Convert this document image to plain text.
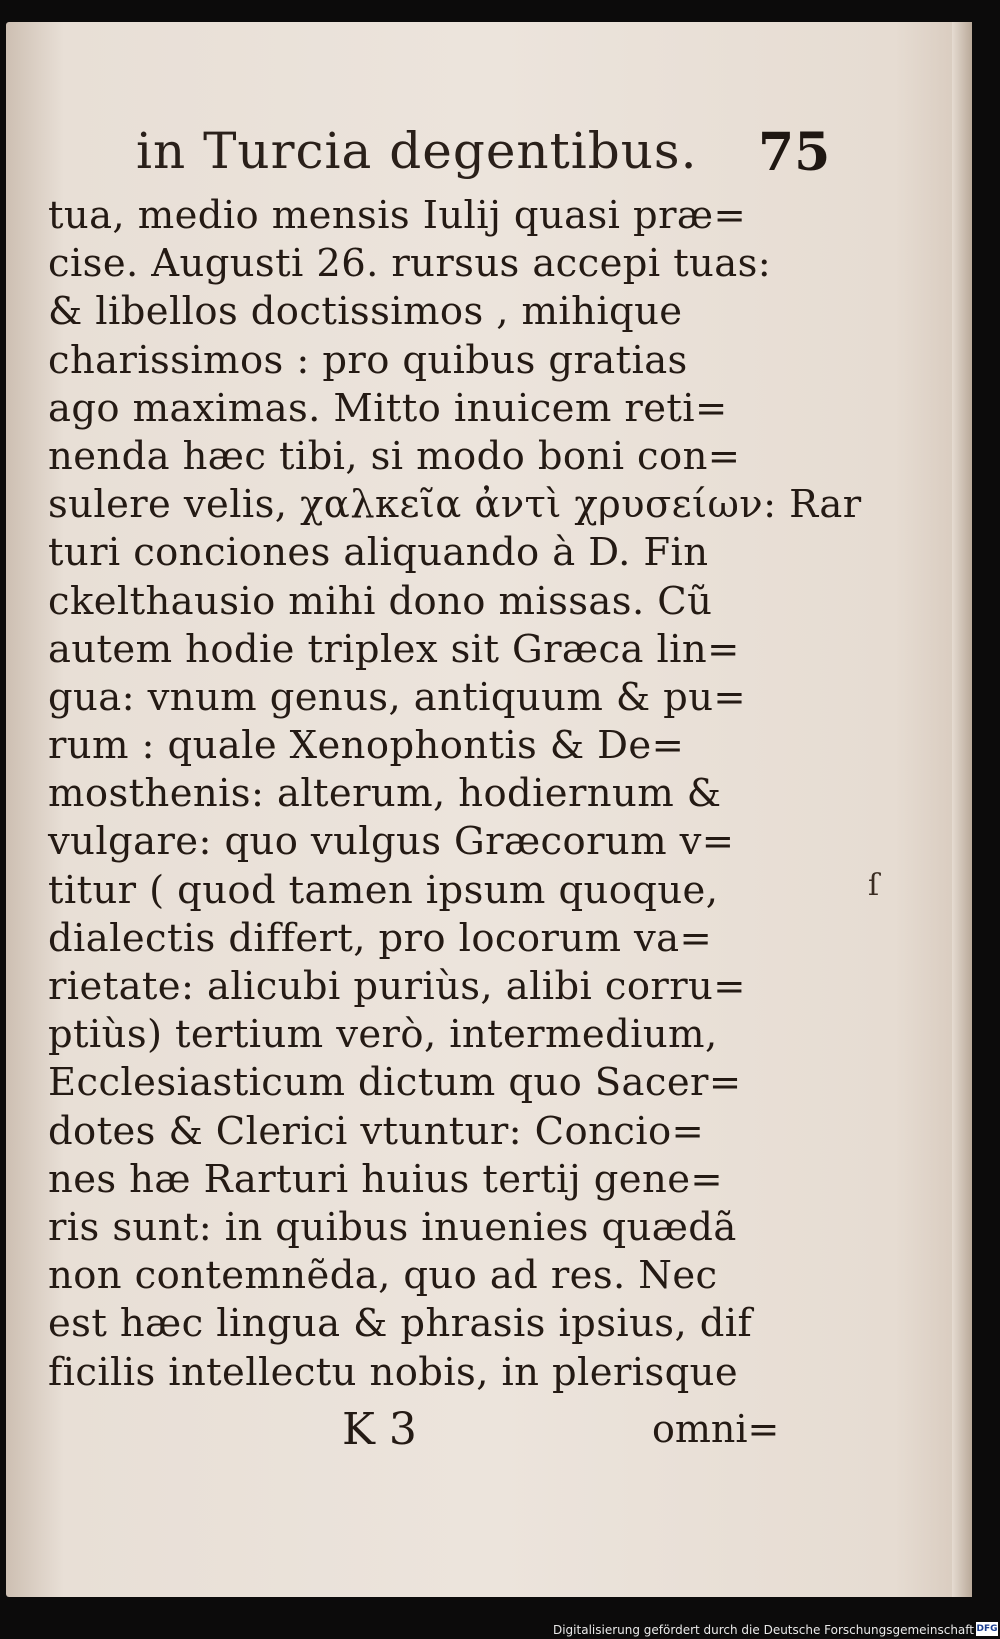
in Turcia degentibus. 75
tua, medio mensis Iulij quasi præ=
cise. Augusti 26. rursus accepi tuas:
& libellos doctissimos , mihique
charissimos : pro quibus gratias
ago maximas. Mitto inuicem reti=
nenda hæc tibi, si modo boni con=
sulere velis, χαλκεῖα ἀντὶ χρυσείων: Rar
turi conciones aliquando à D. Fin
ckelthausio mihi dono missas. Cũ
autem hodie triplex sit Græca lin=
gua: vnum genus, antiquum & pu=
rum : quale Xenophontis & De=
mosthenis: alterum, hodiernum &
vulgare: quo vulgus Græcorum v=
titur ( quod tamen ipsum quoque,
dialectis differt, pro locorum va=
rietate: alicubi puriùs, alibi corru=
ptiùs) tertium verò, intermedium,
Ecclesiasticum dictum quo Sacer=
dotes & Clerici vtuntur: Concio=
nes hæ Rarturi huius tertij gene=
ris sunt: in quibus inuenies quædã
non contemnẽda, quo ad res. Nec
est hæc lingua & phrasis ipsius, dif
ficilis intellectu nobis, in plerisque
ſ
K 3	omni=
Digitalisierung gefördert durch die Deutsche Forschungsgemeinschaft DFG
